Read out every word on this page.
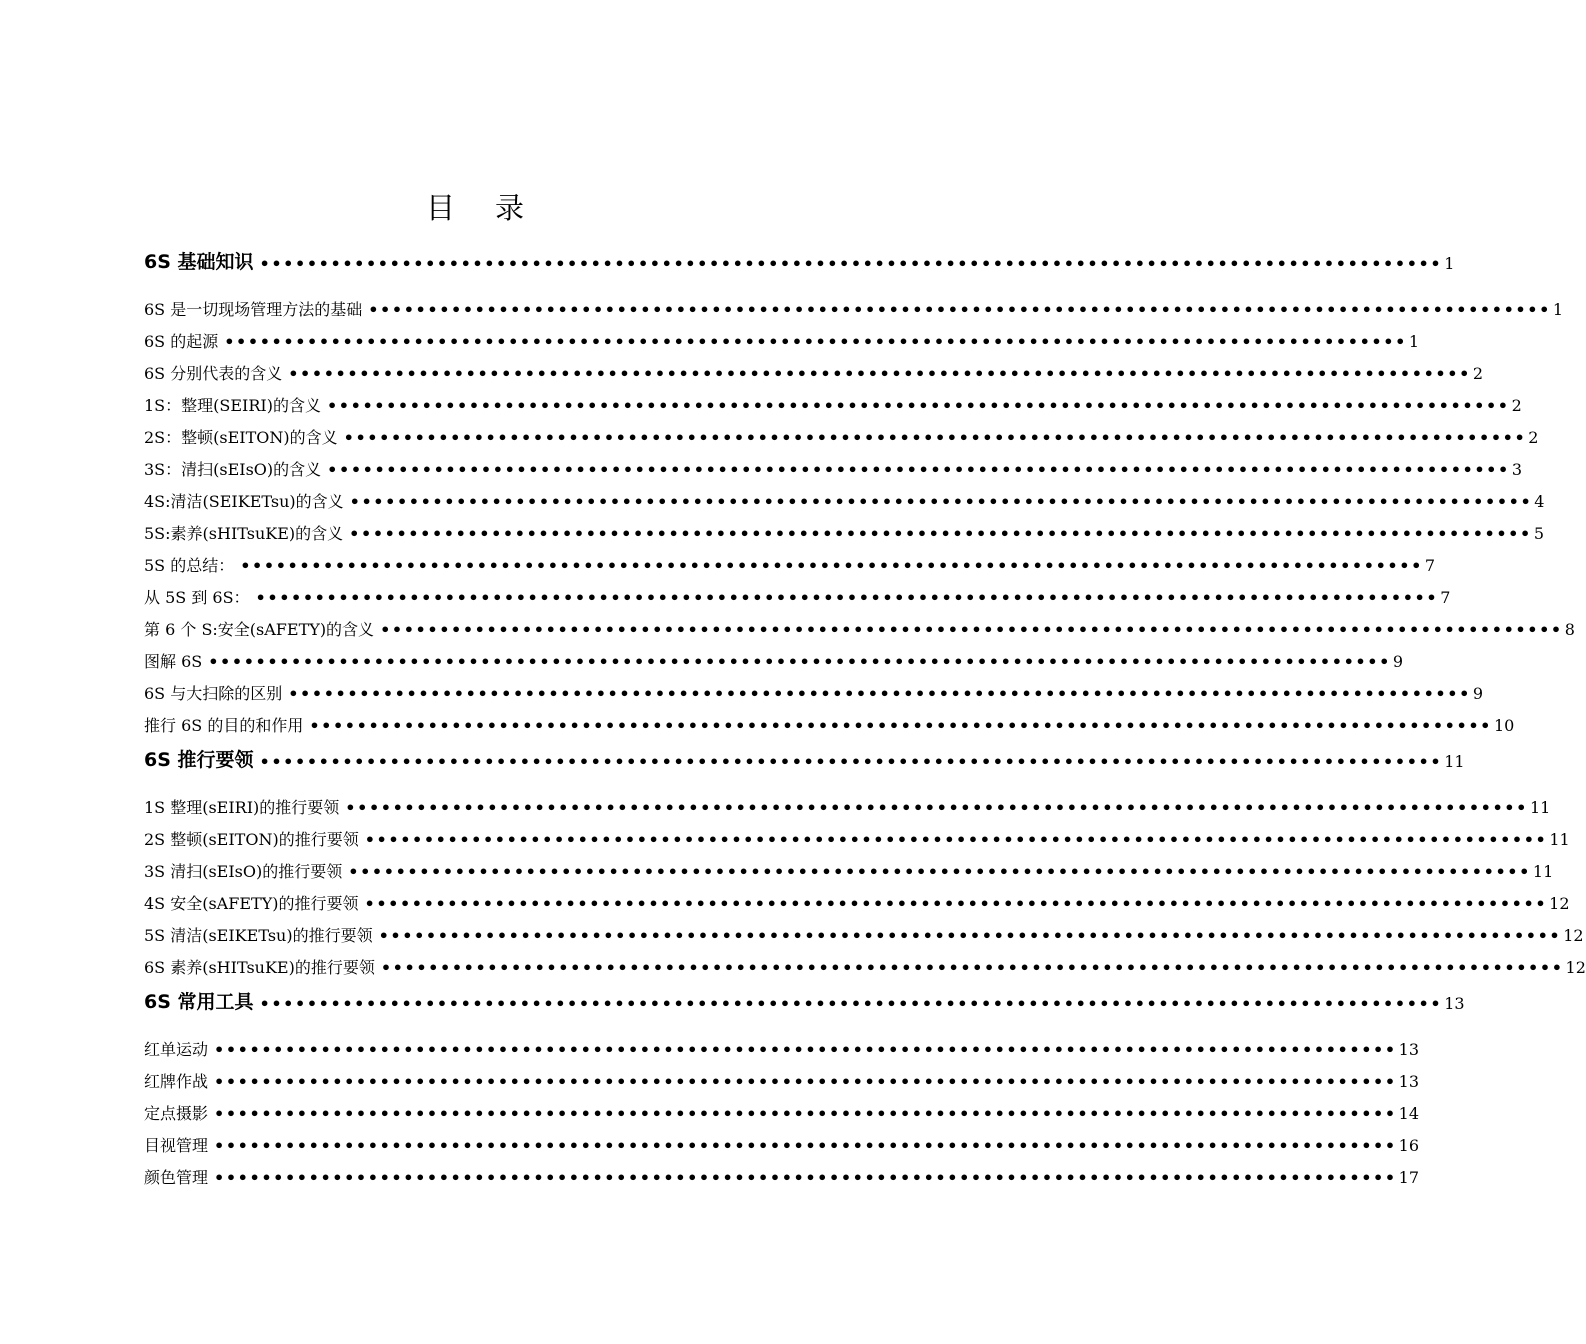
目 录
6S 基础知识 •••••••••••••••••••••••••••••••••••••••••••••••••••••••••••••••••••••••••••••••••••••••••••••••••••• 1
6S 是一切现场管理方法的基础 •••••••••••••••••••••••••••••••••••••••••••••••••••••••••••••••••••••••••••••••••••••••••••••••••••• 1
6S 的起源 •••••••••••••••••••••••••••••••••••••••••••••••••••••••••••••••••••••••••••••••••••••••••••••••••••• 1
6S 分别代表的含义 •••••••••••••••••••••••••••••••••••••••••••••••••••••••••••••••••••••••••••••••••••••••••••••••••••• 2
1S：整理(SEIRI)的含义 •••••••••••••••••••••••••••••••••••••••••••••••••••••••••••••••••••••••••••••••••••••••••••••••••••• 2
2S：整顿(sEITON)的含义 •••••••••••••••••••••••••••••••••••••••••••••••••••••••••••••••••••••••••••••••••••••••••••••••••••• 2
3S：清扫(sEIsO)的含义 •••••••••••••••••••••••••••••••••••••••••••••••••••••••••••••••••••••••••••••••••••••••••••••••••••• 3
4S:清洁(SEIKETsu)的含义 •••••••••••••••••••••••••••••••••••••••••••••••••••••••••••••••••••••••••••••••••••••••••••••••••••• 4
5S:素养(sHITsuKE)的含义 •••••••••••••••••••••••••••••••••••••••••••••••••••••••••••••••••••••••••••••••••••••••••••••••••••• 5
5S 的总结： •••••••••••••••••••••••••••••••••••••••••••••••••••••••••••••••••••••••••••••••••••••••••••••••••••• 7
从 5S 到 6S： •••••••••••••••••••••••••••••••••••••••••••••••••••••••••••••••••••••••••••••••••••••••••••••••••••• 7
第 6 个 S:安全(sAFETY)的含义 •••••••••••••••••••••••••••••••••••••••••••••••••••••••••••••••••••••••••••••••••••••••••••••••••••• 8
图解 6S •••••••••••••••••••••••••••••••••••••••••••••••••••••••••••••••••••••••••••••••••••••••••••••••••••• 9
6S 与大扫除的区别 •••••••••••••••••••••••••••••••••••••••••••••••••••••••••••••••••••••••••••••••••••••••••••••••••••• 9
推行 6S 的目的和作用 •••••••••••••••••••••••••••••••••••••••••••••••••••••••••••••••••••••••••••••••••••••••••••••••••••• 10
6S 推行要领 •••••••••••••••••••••••••••••••••••••••••••••••••••••••••••••••••••••••••••••••••••••••••••••••••••• 11
1S 整理(sEIRI)的推行要领 •••••••••••••••••••••••••••••••••••••••••••••••••••••••••••••••••••••••••••••••••••••••••••••••••••• 11
2S 整顿(sEITON)的推行要领 •••••••••••••••••••••••••••••••••••••••••••••••••••••••••••••••••••••••••••••••••••••••••••••••••••• 11
3S 清扫(sEIsO)的推行要领 •••••••••••••••••••••••••••••••••••••••••••••••••••••••••••••••••••••••••••••••••••••••••••••••••••• 11
4S 安全(sAFETY)的推行要领 •••••••••••••••••••••••••••••••••••••••••••••••••••••••••••••••••••••••••••••••••••••••••••••••••••• 12
5S 清洁(sEIKETsu)的推行要领 •••••••••••••••••••••••••••••••••••••••••••••••••••••••••••••••••••••••••••••••••••••••••••••••••••• 12
6S 素养(sHITsuKE)的推行要领 •••••••••••••••••••••••••••••••••••••••••••••••••••••••••••••••••••••••••••••••••••••••••••••••••••• 12
6S 常用工具 •••••••••••••••••••••••••••••••••••••••••••••••••••••••••••••••••••••••••••••••••••••••••••••••••••• 13
红单运动 •••••••••••••••••••••••••••••••••••••••••••••••••••••••••••••••••••••••••••••••••••••••••••••••••••• 13
红牌作战 •••••••••••••••••••••••••••••••••••••••••••••••••••••••••••••••••••••••••••••••••••••••••••••••••••• 13
定点摄影 •••••••••••••••••••••••••••••••••••••••••••••••••••••••••••••••••••••••••••••••••••••••••••••••••••• 14
目视管理 •••••••••••••••••••••••••••••••••••••••••••••••••••••••••••••••••••••••••••••••••••••••••••••••••••• 16
颜色管理 •••••••••••••••••••••••••••••••••••••••••••••••••••••••••••••••••••••••••••••••••••••••••••••••••••• 17
